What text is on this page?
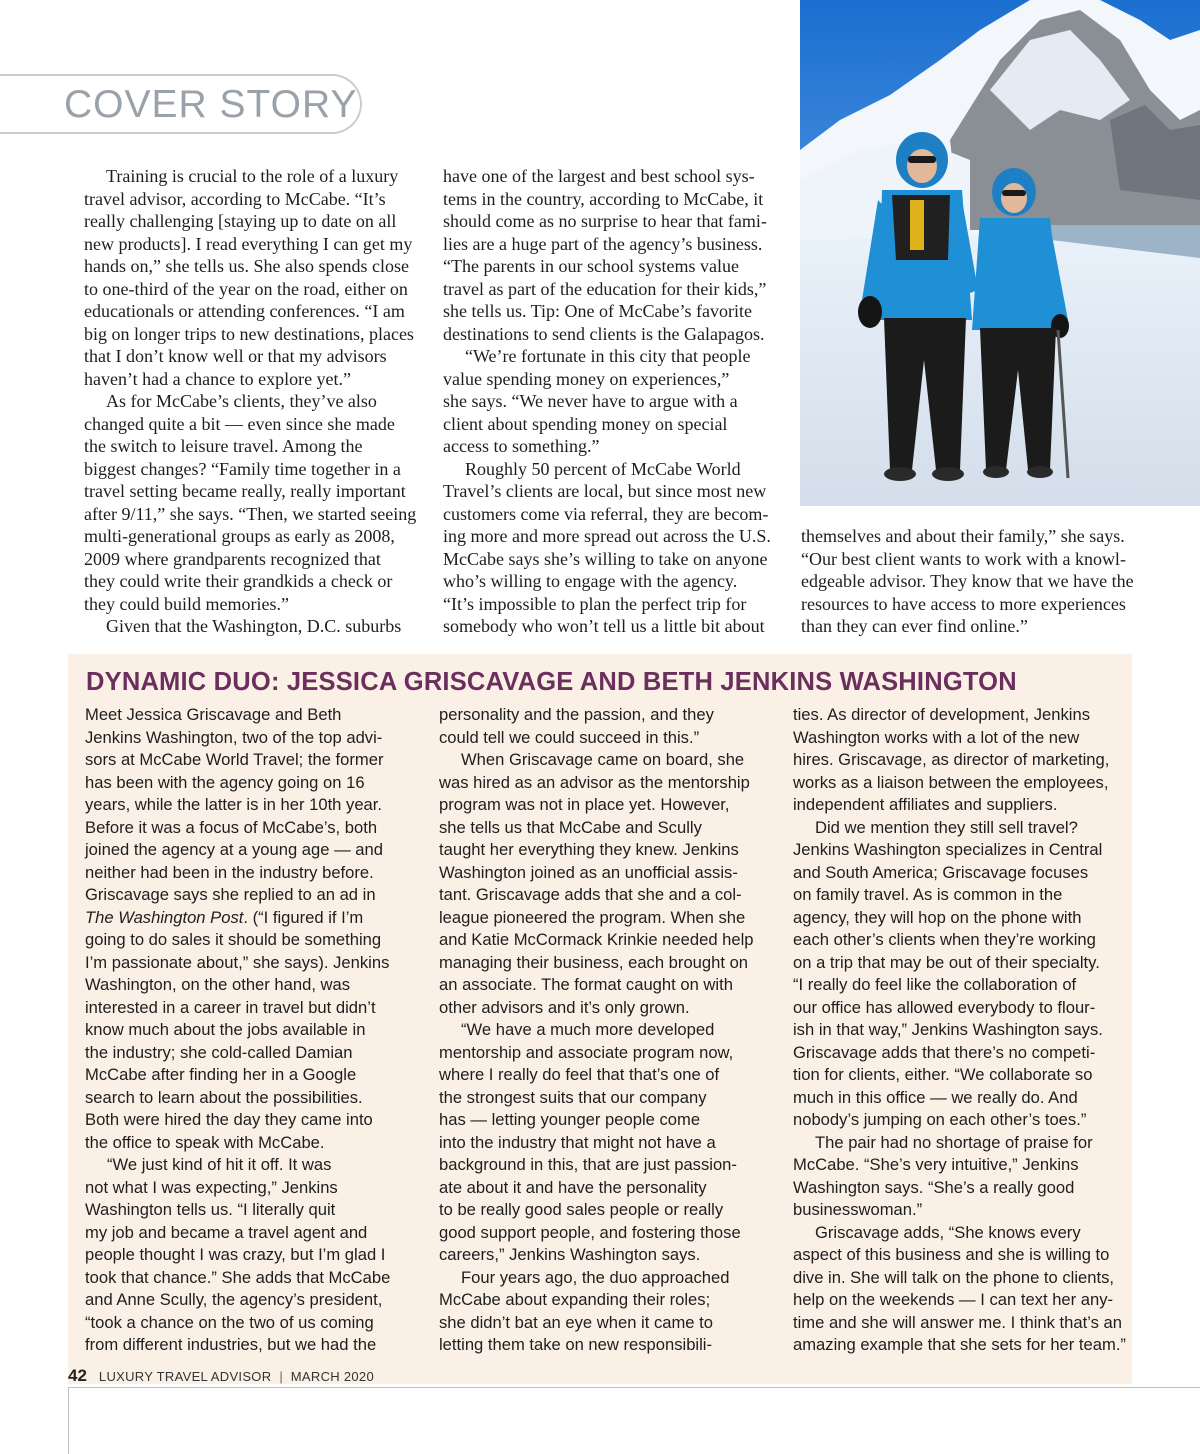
COVER STORY

Training is crucial to the role of a luxury

travel advisor, according to McCabe. “It’s

really challenging [staying up to date on all

new products]. I read everything I can get my

hands on,” she tells us. She also spends close

to one-third of the year on the road, either on

educationals or attending conferences. “I am

big on longer trips to new destinations, places

that I don’t know well or that my advisors

haven’t had a chance to explore yet.”

As for McCabe’s clients, they’ve also

changed quite a bit — even since she made

the switch to leisure travel. Among the

biggest changes? “Family time together in a

travel setting became really, really important

after 9/11,” she says. “Then, we started seeing

multi-generational groups as early as 2008,

2009 where grandparents recognized that

they could write their grandkids a check or

they could build memories.”

Given that the Washington, D.C. suburbs

have one of the largest and best school sys-

tems in the country, according to McCabe, it

should come as no surprise to hear that fami-

lies are a huge part of the agency’s business.

“The parents in our school systems value

travel as part of the education for their kids,”

she tells us. Tip: One of McCabe’s favorite

destinations to send clients is the Galapagos.

“We’re fortunate in this city that people

value spending money on experiences,”

she says. “We never have to argue with a

client about spending money on special

access to something.”

Roughly 50 percent of McCabe World

Travel’s clients are local, but since most new

customers come via referral, they are becom-

ing more and more spread out across the U.S.

McCabe says she’s willing to take on anyone

who’s willing to engage with the agency.

“It’s impossible to plan the perfect trip for

somebody who won’t tell us a little bit about

themselves and about their family,” she says.

“Our best client wants to work with a knowl-

edgeable advisor. They know that we have the

resources to have access to more experiences

than they can ever find online.”

DYNAMIC DUO: JESSICA GRISCAVAGE AND BETH JENKINS WASHINGTON

Meet Jessica Griscavage and Beth

Jenkins Washington, two of the top advi-

sors at McCabe World Travel; the former

has been with the agency going on 16

years, while the latter is in her 10th year.

Before it was a focus of McCabe’s, both

joined the agency at a young age — and

neither had been in the industry before.

Griscavage says she replied to an ad in

The Washington Post. (“I figured if I’m

going to do sales it should be something

I’m passionate about,” she says). Jenkins

Washington, on the other hand, was

interested in a career in travel but didn’t

know much about the jobs available in

the industry; she cold-called Damian

McCabe after finding her in a Google

search to learn about the possibilities.

Both were hired the day they came into

the office to speak with McCabe.

“We just kind of hit it off. It was

not what I was expecting,” Jenkins

Washington tells us. “I literally quit

my job and became a travel agent and

people thought I was crazy, but I’m glad I

took that chance.” She adds that McCabe

and Anne Scully, the agency’s president,

“took a chance on the two of us coming

from different industries, but we had the

personality and the passion, and they

could tell we could succeed in this.”

When Griscavage came on board, she

was hired as an advisor as the mentorship

program was not in place yet. However,

she tells us that McCabe and Scully

taught her everything they knew. Jenkins

Washington joined as an unofficial assis-

tant. Griscavage adds that she and a col-

league pioneered the program. When she

and Katie McCormack Krinkie needed help

managing their business, each brought on

an associate. The format caught on with

other advisors and it’s only grown.

“We have a much more developed

mentorship and associate program now,

where I really do feel that that’s one of

the strongest suits that our company

has — letting younger people come

into the industry that might not have a

background in this, that are just passion-

ate about it and have the personality

to be really good sales people or really

good support people, and fostering those

careers,” Jenkins Washington says.

Four years ago, the duo approached

McCabe about expanding their roles;

she didn’t bat an eye when it came to

letting them take on new responsibili-

ties. As director of development, Jenkins

Washington works with a lot of the new

hires. Griscavage, as director of marketing,

works as a liaison between the employees,

independent affiliates and suppliers.

Did we mention they still sell travel?

Jenkins Washington specializes in Central

and South America; Griscavage focuses

on family travel. As is common in the

agency, they will hop on the phone with

each other’s clients when they’re working

on a trip that may be out of their specialty.

“I really do feel like the collaboration of

our office has allowed everybody to flour-

ish in that way,” Jenkins Washington says.

Griscavage adds that there’s no competi-

tion for clients, either. “We collaborate so

much in this office — we really do. And

nobody’s jumping on each other’s toes.”

The pair had no shortage of praise for

McCabe. “She’s very intuitive,” Jenkins

Washington says. “She’s a really good

businesswoman.”

Griscavage adds, “She knows every

aspect of this business and she is willing to

dive in. She will talk on the phone to clients,

help on the weekends — I can text her any-

time and she will answer me. I think that’s an

amazing example that she sets for her team.”

42 LUXURY TRAVEL ADVISOR | MARCH 2020
